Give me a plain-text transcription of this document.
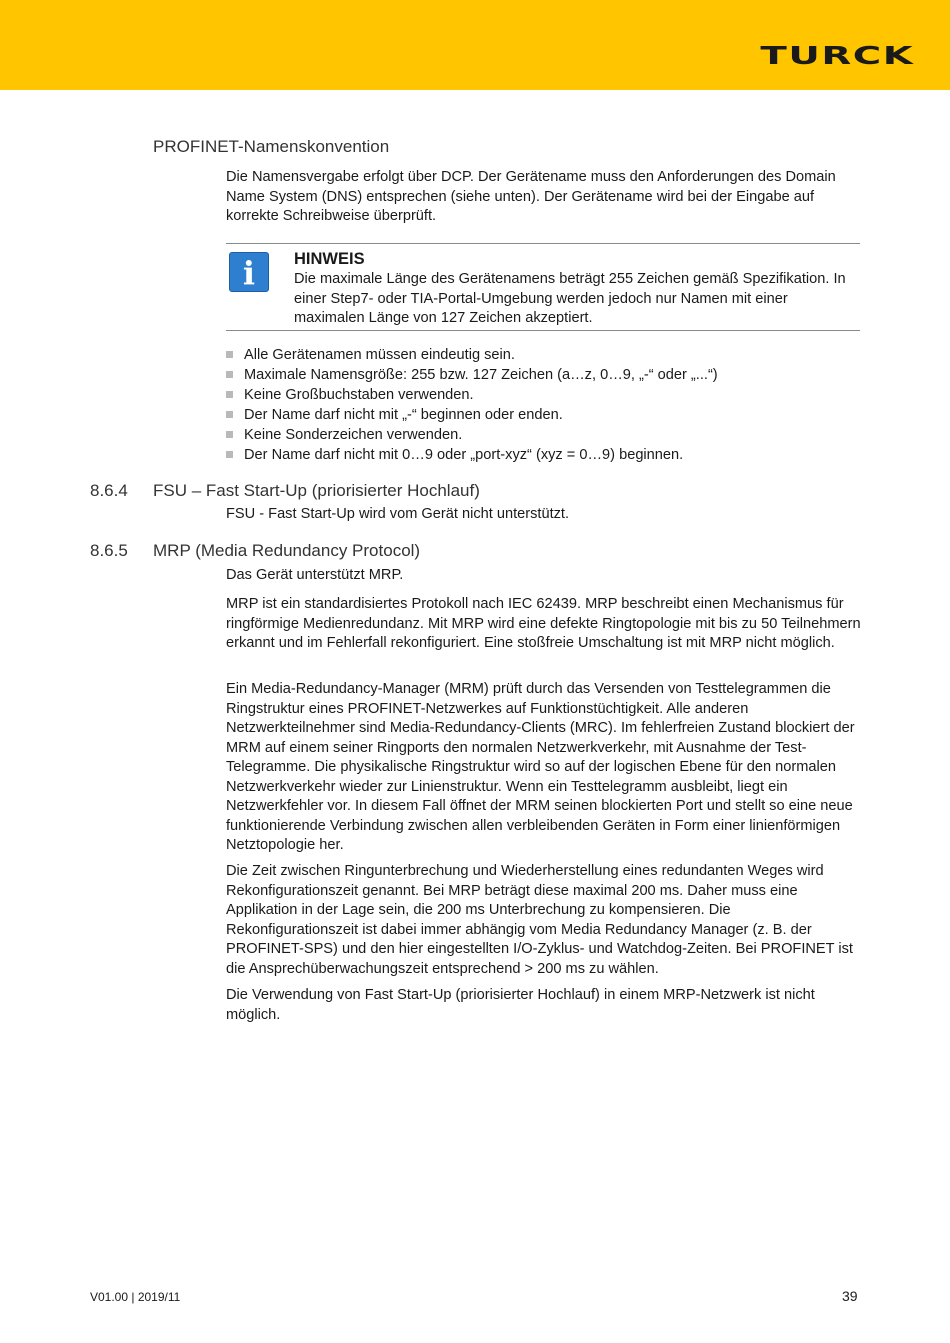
TURCK
PROFINET-Namenskonvention

Die Namensvergabe erfolgt über DCP. Der Gerätename muss den Anforderungen des Domain Name System (DNS) entsprechen (siehe unten). Der Gerätename wird bei der Eingabe auf korrekte Schreibweise überprüft.

i	HINWEIS

Die maximale Länge des Gerätenamens beträgt 255 Zeichen gemäß Spezifikation. In einer Step7- oder TIA-Portal-Umgebung werden jedoch nur Namen mit einer maximalen Länge von 127 Zeichen akzeptiert.

Alle Gerätenamen müssen eindeutig sein.
Maximale Namensgröße: 255 bzw. 127 Zeichen (a…z, 0…9, „-“ oder „...“)
Keine Großbuchstaben verwenden.
Der Name darf nicht mit „-“ beginnen oder enden.
Keine Sonderzeichen verwenden.
Der Name darf nicht mit 0…9 oder „port-xyz“ (xyz = 0…9) beginnen.
8.6.4 FSU – Fast Start-Up (priorisierter Hochlauf)

FSU - Fast Start-Up wird vom Gerät nicht unterstützt.

8.6.5 MRP (Media Redundancy Protocol)

Das Gerät unterstützt MRP.

MRP ist ein standardisiertes Protokoll nach IEC 62439. MRP beschreibt einen Mechanismus für ringförmige Medienredundanz. Mit MRP wird eine defekte Ringtopologie mit bis zu 50 Teilnehmern erkannt und im Fehlerfall rekonfiguriert. Eine stoßfreie Umschaltung ist mit MRP nicht möglich.

Ein Media-Redundancy-Manager (MRM) prüft durch das Versenden von Testtelegrammen die Ringstruktur eines PROFINET-Netzwerkes auf Funktionstüchtigkeit. Alle anderen Netzwerkteilnehmer sind Media-Redundancy-Clients (MRC). Im fehlerfreien Zustand blockiert der MRM auf einem seiner Ringports den normalen Netzwerkverkehr, mit Ausnahme der Test-Telegramme. Die physikalische Ringstruktur wird so auf der logischen Ebene für den normalen Netzwerkverkehr wieder zur Linienstruktur. Wenn ein Testtelegramm ausbleibt, liegt ein Netzwerkfehler vor. In diesem Fall öffnet der MRM seinen blockierten Port und stellt so eine neue funktionierende Verbindung zwischen allen verbleibenden Geräten in Form einer linienförmigen Netztopologie her.

Die Zeit zwischen Ringunterbrechung und Wiederherstellung eines redundanten Weges wird Rekonfigurationszeit genannt. Bei MRP beträgt diese maximal 200 ms. Daher muss eine Applikation in der Lage sein, die 200 ms Unterbrechung zu kompensieren. Die Rekonfigurationszeit ist dabei immer abhängig vom Media Redundancy Manager (z. B. der PROFINET-SPS) und den hier eingestellten I/O-Zyklus- und Watchdog-Zeiten. Bei PROFINET ist die Ansprechüberwachungszeit entsprechend > 200 ms zu wählen.

Die Verwendung von Fast Start-Up (priorisierter Hochlauf) in einem MRP-Netzwerk ist nicht möglich.

V01.00 | 2019/11	39
